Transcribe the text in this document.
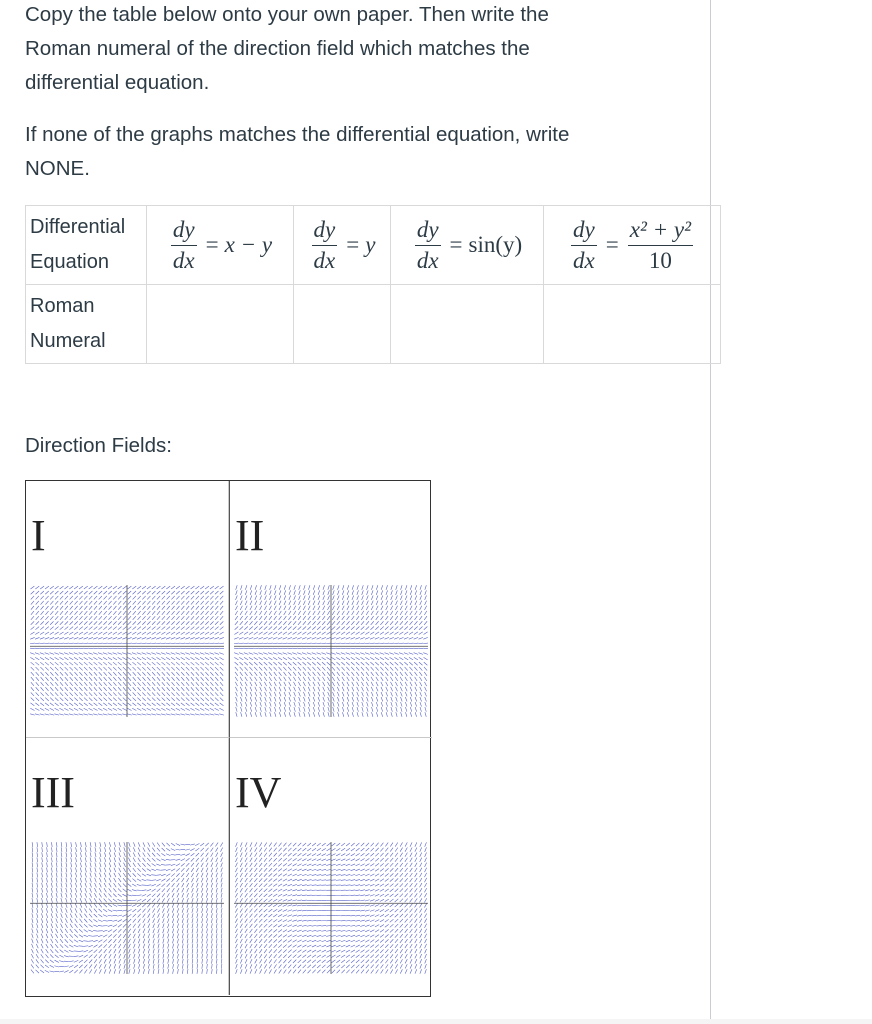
Copy the table below onto your own paper. Then write the
Roman numeral of the direction field which matches the
differential equation.

If none of the graphs matches the differential equation, write
NONE.

Differential
Equation	$\frac{dy}{dx} = x - y$	$\frac{dy}{dx} = y$	$\frac{dy}{dx} = \sin(y)$	$\frac{dy}{dx} = \frac{\text{x² + y²}}{10}$

Roman
Numeral				

Direction Fields:

I	II
III	IV
